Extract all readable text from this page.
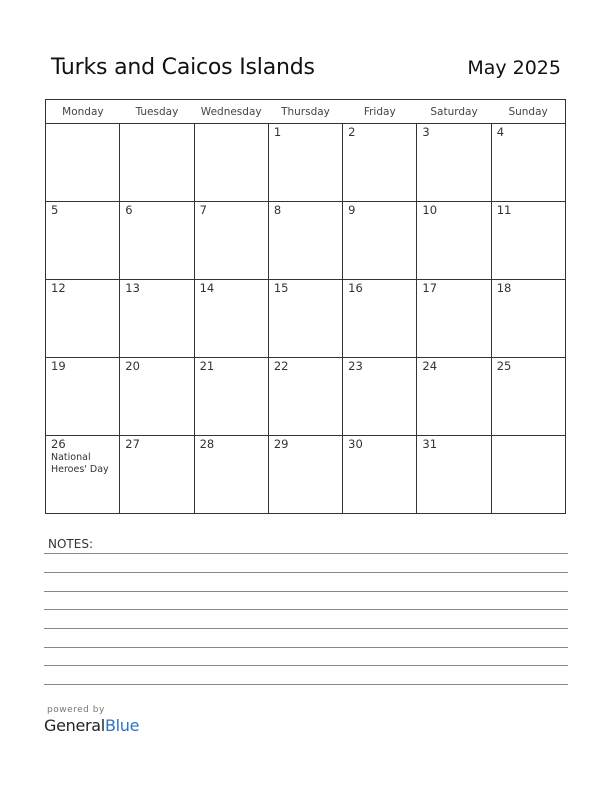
Turks and Caicos Islands	May 2025
Monday	Tuesday	Wednesday	Thursday	Friday	Saturday	Sunday

			1	2	3	4

5	6	7	8	9	10	11

12	13	14	15	16	17	18

19	20	21	22	23	24	25

26
National Heroes' Day	27	28	29	30	31	

NOTES:
powered by
GeneralBlue
